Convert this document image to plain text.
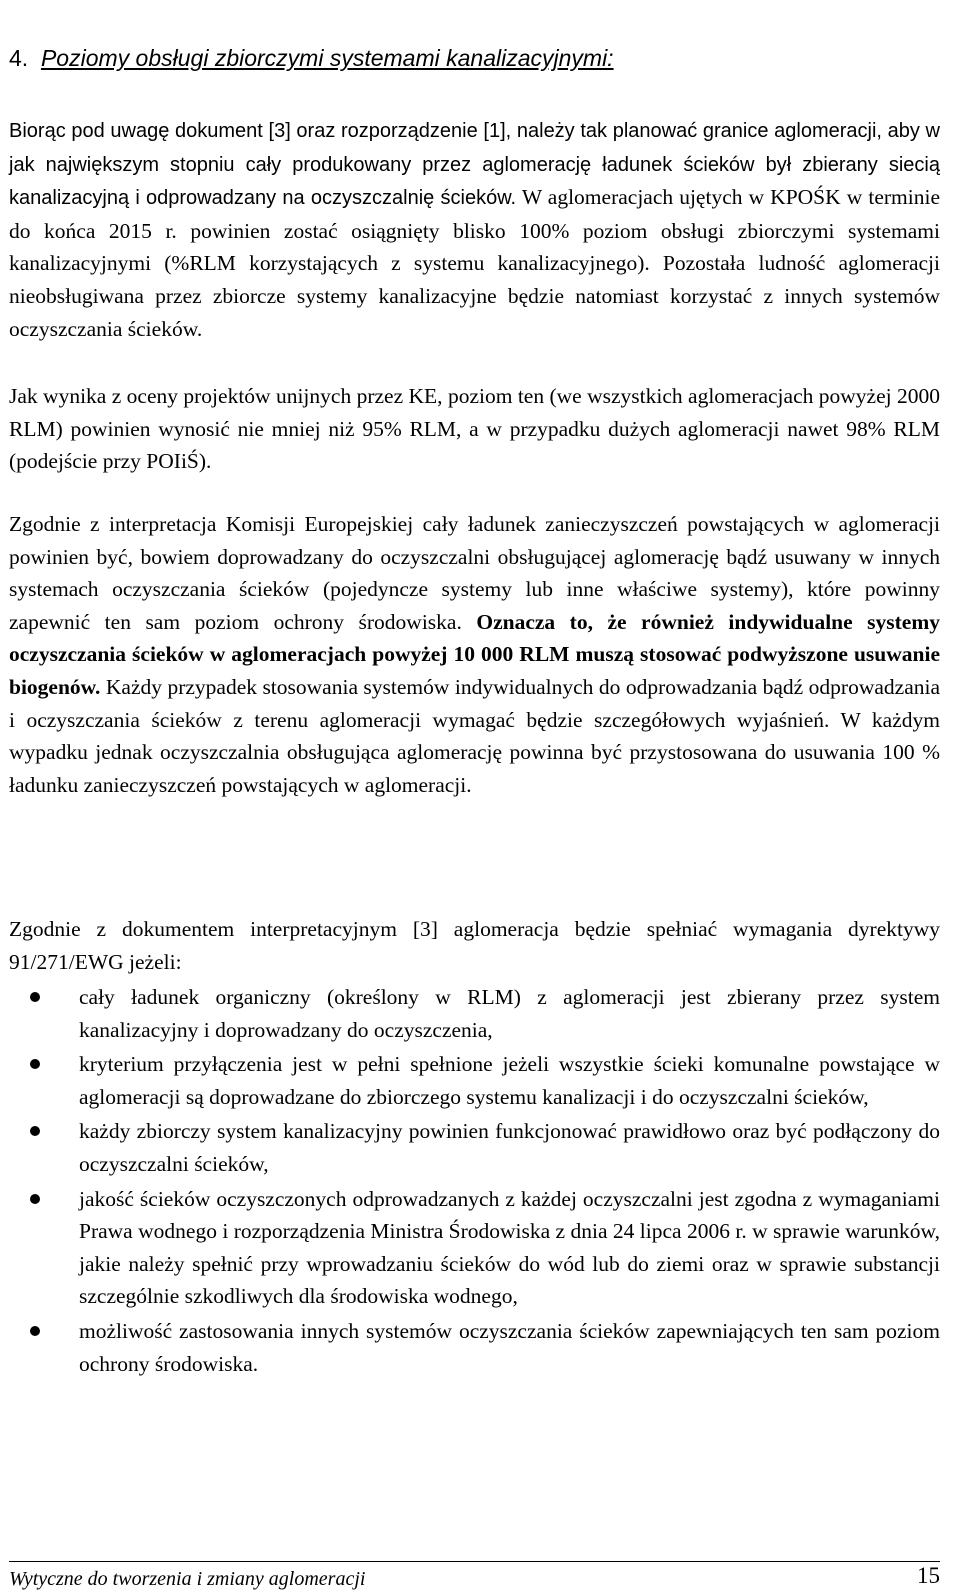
4. Poziomy obsługi zbiorczymi systemami kanalizacyjnymi:

Biorąc pod uwagę dokument [3] oraz rozporządzenie [1], należy tak planować granice aglomeracji, aby w jak największym stopniu cały produkowany przez aglomerację ładunek ścieków był zbierany siecią kanalizacyjną i odprowadzany na oczyszczalnię ścieków. W aglomeracjach ujętych w KPOŚK w terminie do końca 2015 r. powinien zostać osiągnięty blisko 100% poziom obsługi zbiorczymi systemami kanalizacyjnymi (%RLM korzystających z systemu kanalizacyjnego). Pozostała ludność aglomeracji nieobsługiwana przez zbiorcze systemy kanalizacyjne będzie natomiast korzystać z innych systemów oczyszczania ścieków.

Jak wynika z oceny projektów unijnych przez KE, poziom ten (we wszystkich aglomeracjach powyżej 2000 RLM) powinien wynosić nie mniej niż 95% RLM, a w przypadku dużych aglomeracji nawet 98% RLM (podejście przy POIiŚ).

Zgodnie z interpretacja Komisji Europejskiej cały ładunek zanieczyszczeń powstających w aglomeracji powinien być, bowiem doprowadzany do oczyszczalni obsługującej aglomerację bądź usuwany w innych systemach oczyszczania ścieków (pojedyncze systemy lub inne właściwe systemy), które powinny zapewnić ten sam poziom ochrony środowiska. Oznacza to, że również indywidualne systemy oczyszczania ścieków w aglomeracjach powyżej 10 000 RLM muszą stosować podwyższone usuwanie biogenów. Każdy przypadek stosowania systemów indywidualnych do odprowadzania bądź odprowadzania i oczyszczania ścieków z terenu aglomeracji wymagać będzie szczegółowych wyjaśnień. W każdym wypadku jednak oczyszczalnia obsługująca aglomerację powinna być przystosowana do usuwania 100 % ładunku zanieczyszczeń powstających w aglomeracji.

Zgodnie z dokumentem interpretacyjnym [3] aglomeracja będzie spełniać wymagania dyrektywy 91/271/EWG jeżeli:

cały ładunek organiczny (określony w RLM) z aglomeracji jest zbierany przez system kanalizacyjny i doprowadzany do oczyszczenia,
kryterium przyłączenia jest w pełni spełnione jeżeli wszystkie ścieki komunalne powstające w aglomeracji są doprowadzane do zbiorczego systemu kanalizacji i do oczyszczalni ścieków,
każdy zbiorczy system kanalizacyjny powinien funkcjonować prawidłowo oraz być podłączony do oczyszczalni ścieków,
jakość ścieków oczyszczonych odprowadzanych z każdej oczyszczalni jest zgodna z wymaganiami Prawa wodnego i rozporządzenia Ministra Środowiska z dnia 24 lipca 2006 r. w sprawie warunków, jakie należy spełnić przy wprowadzaniu ścieków do wód lub do ziemi oraz w sprawie substancji szczególnie szkodliwych dla środowiska wodnego,
możliwość zastosowania innych systemów oczyszczania ścieków zapewniających ten sam poziom ochrony środowiska.
Wytyczne do tworzenia i zmiany aglomeracji	15
